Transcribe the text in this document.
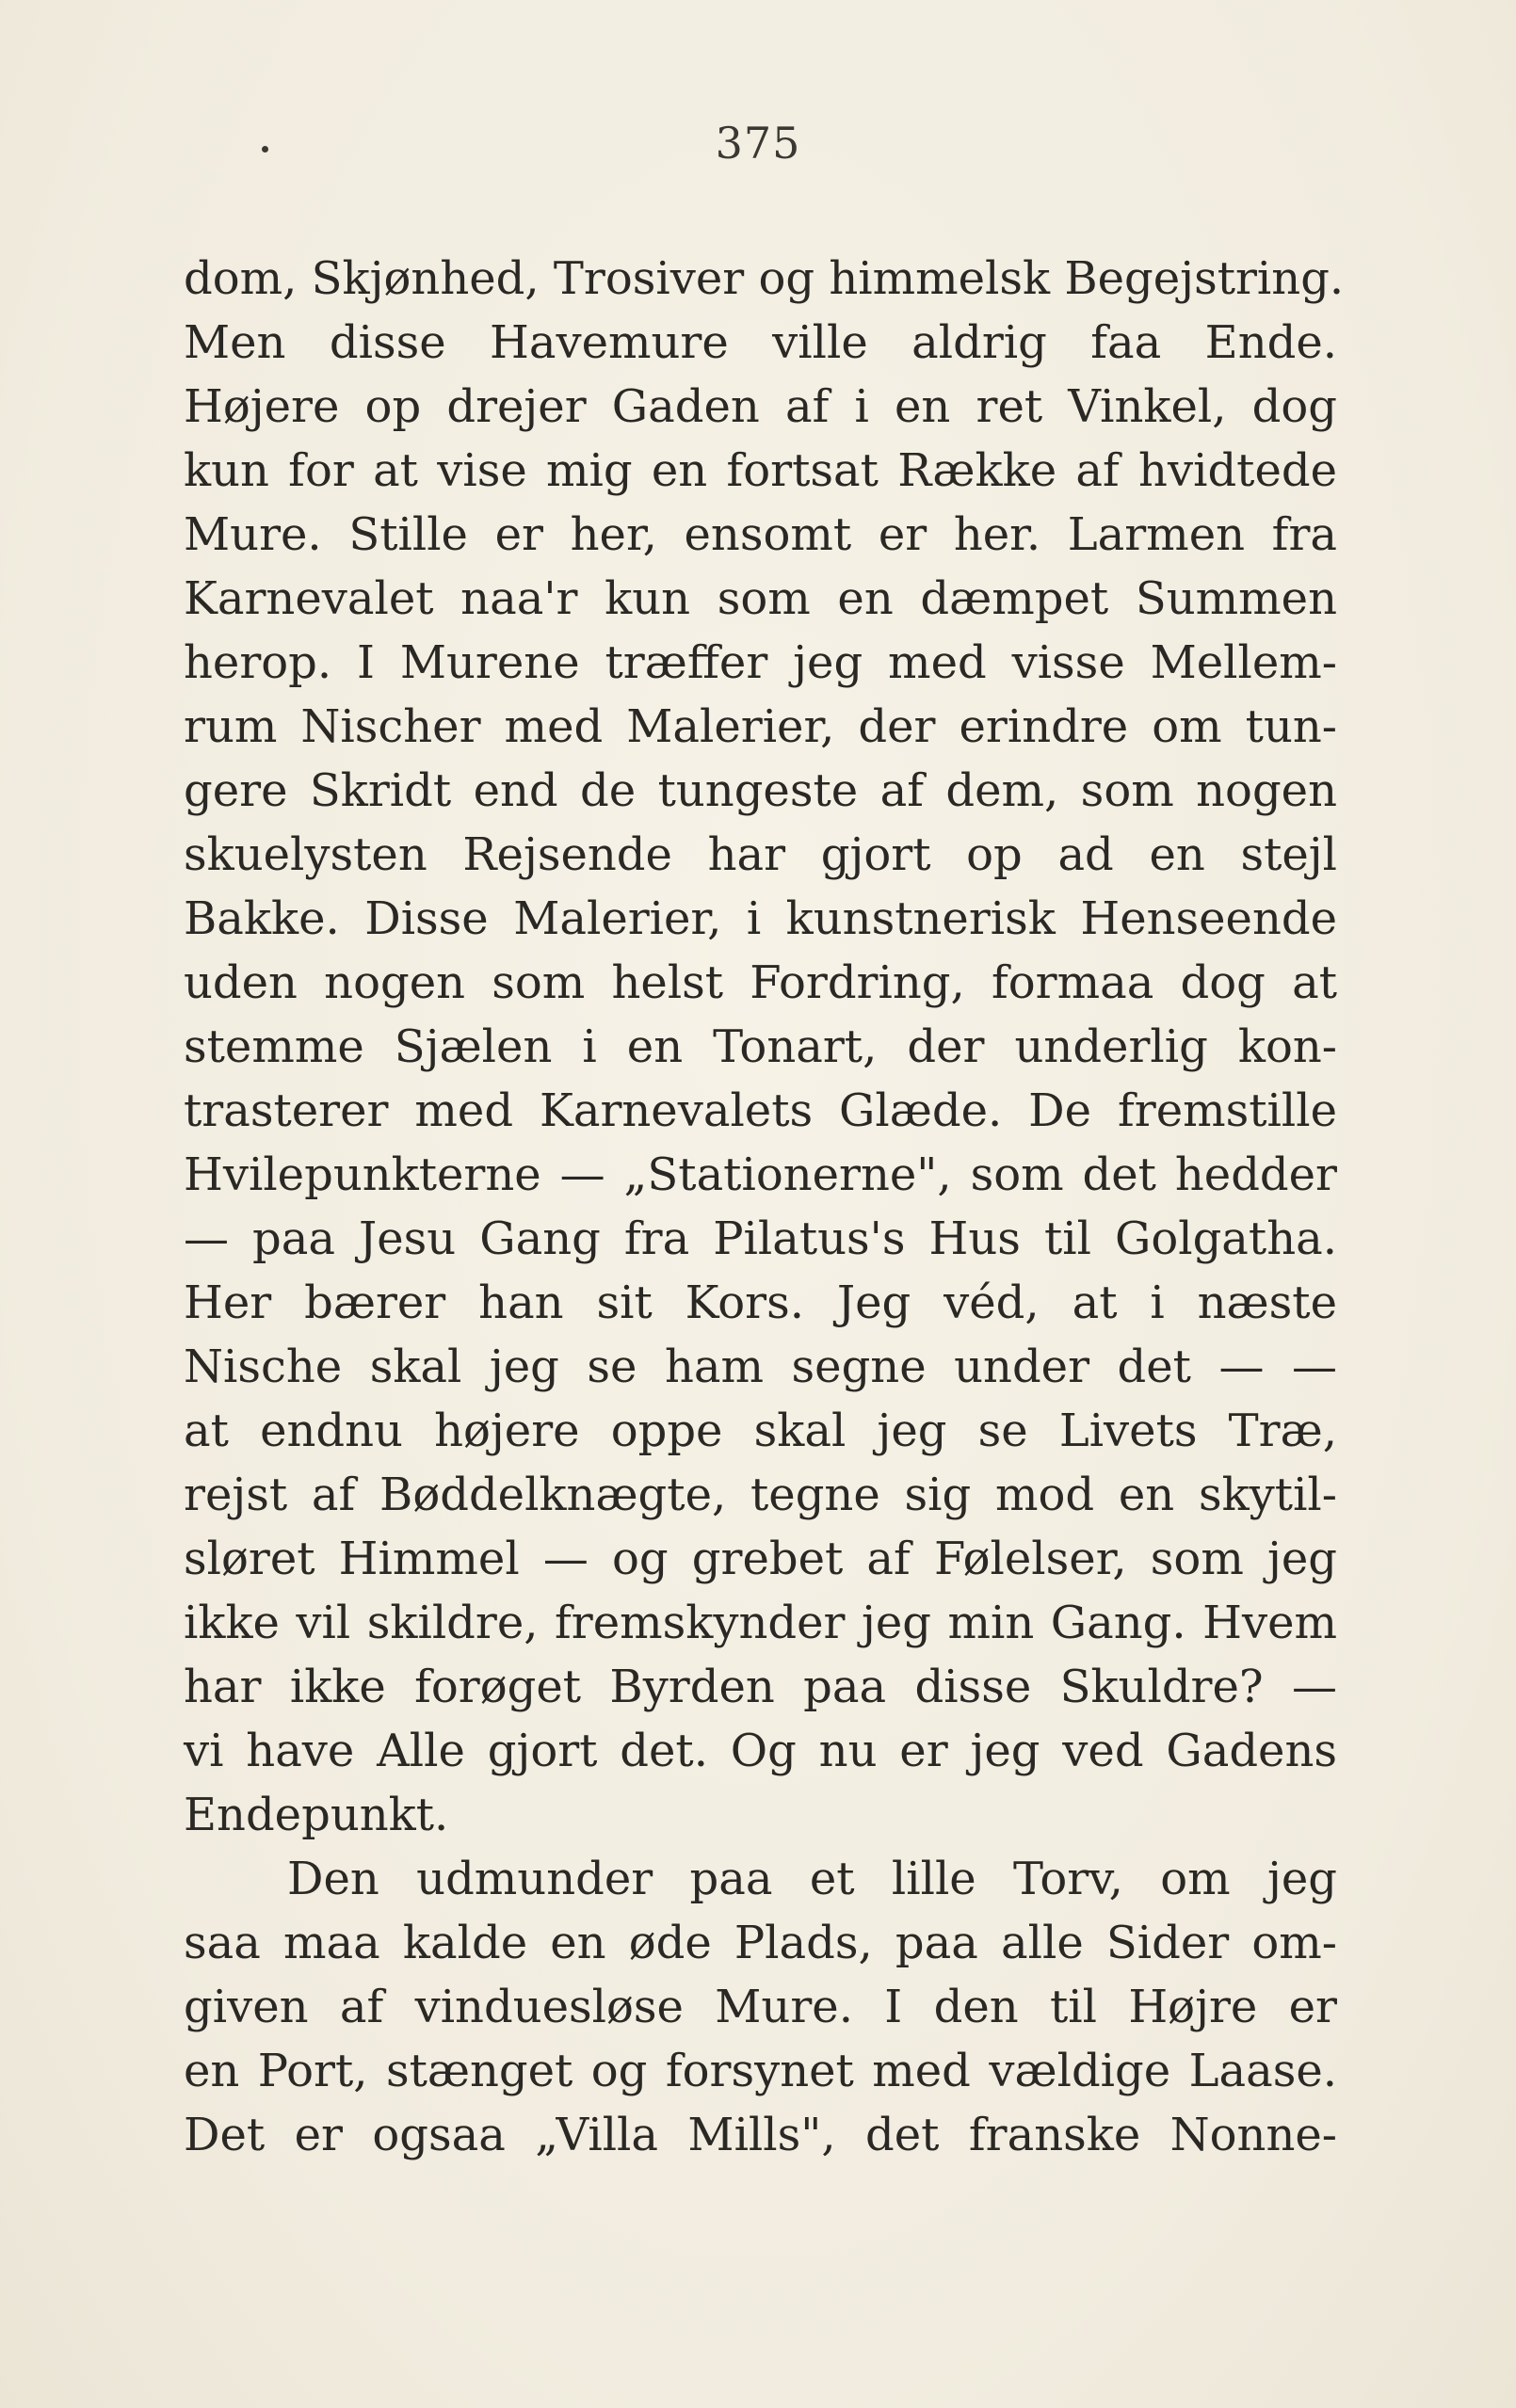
375
dom, Skjønhed, Trosiver og himmelsk Begejstring.
Men disse Havemure ville aldrig faa Ende.
Højere op drejer Gaden af i en ret Vinkel, dog
kun for at vise mig en fortsat Række af hvidtede
Mure. Stille er her, ensomt er her. Larmen fra
Karnevalet naa'r kun som en dæmpet Summen
herop. I Murene træffer jeg med visse Mellem-
rum Nischer med Malerier, der erindre om tun-
gere Skridt end de tungeste af dem, som nogen
skuelysten Rejsende har gjort op ad en stejl
Bakke. Disse Malerier, i kunstnerisk Henseende
uden nogen som helst Fordring, formaa dog at
stemme Sjælen i en Tonart, der underlig kon-
trasterer med Karnevalets Glæde. De fremstille
Hvilepunkterne — „Stationerne", som det hedder
— paa Jesu Gang fra Pilatus's Hus til Golgatha.
Her bærer han sit Kors. Jeg véd, at i næste
Nische skal jeg se ham segne under det — —
at endnu højere oppe skal jeg se Livets Træ,
rejst af Bøddelknægte, tegne sig mod en skytil-
sløret Himmel — og grebet af Følelser, som jeg
ikke vil skildre, fremskynder jeg min Gang. Hvem
har ikke forøget Byrden paa disse Skuldre? —
vi have Alle gjort det. Og nu er jeg ved Gadens
Endepunkt.
Den udmunder paa et lille Torv, om jeg
saa maa kalde en øde Plads, paa alle Sider om-
given af vinduesløse Mure. I den til Højre er
en Port, stænget og forsynet med vældige Laase.
Det er ogsaa „Villa Mills", det franske Nonne-
